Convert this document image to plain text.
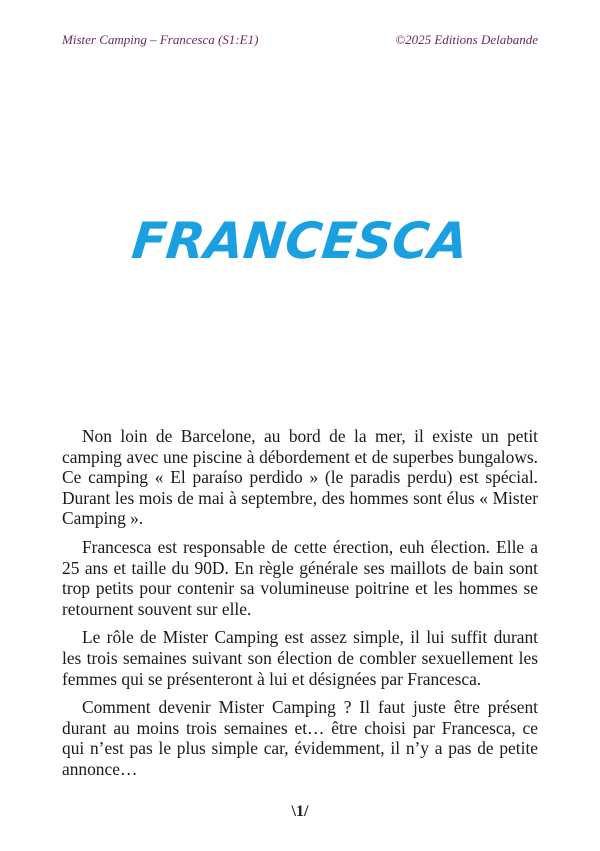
Mister Camping – Francesca (S1:E1)	©2025 Editions Delabande
FRANCESCA

Non loin de Barcelone, au bord de la mer, il existe un petit camping avec une piscine à débordement et de superbes bungalows. Ce camping « El paraíso perdido » (le paradis perdu) est spécial. Durant les mois de mai à septembre, des hommes sont élus « Mister Camping ».

Francesca est responsable de cette érection, euh élection. Elle a 25 ans et taille du 90D. En règle générale ses maillots de bain sont trop petits pour contenir sa volumineuse poitrine et les hommes se retournent souvent sur elle.

Le rôle de Mister Camping est assez simple, il lui suffit durant les trois semaines suivant son élection de combler sexuellement les femmes qui se présenteront à lui et désignées par Francesca.

Comment devenir Mister Camping ? Il faut juste être présent durant au moins trois semaines et… être choisi par Francesca, ce qui n’est pas le plus simple car, évidemment, il n’y a pas de petite annonce…

\1/
